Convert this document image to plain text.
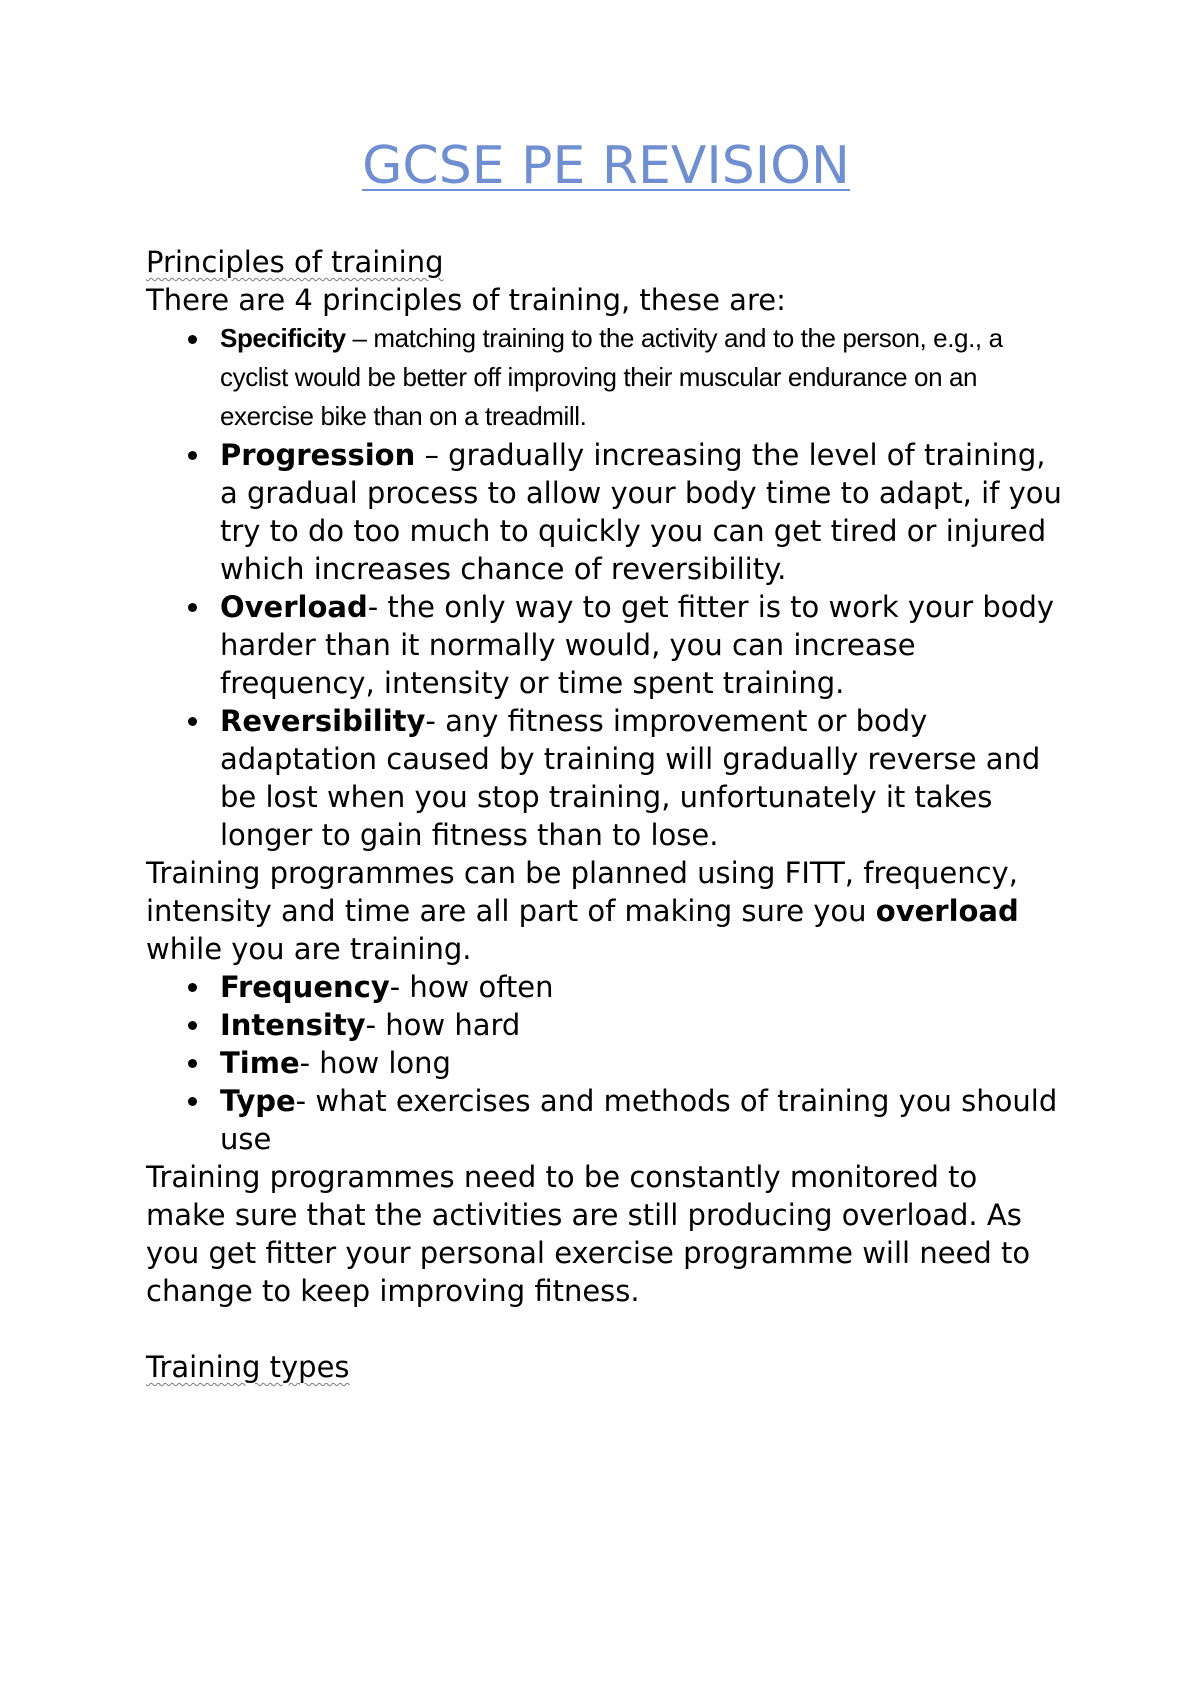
GCSE PE REVISION

Principles of training

There are 4 principles of training, these are:

Specificity – matching training to the activity and to the person, e.g., a cyclist would be better off improving their muscular endurance on an exercise bike than on a treadmill.
Progression – gradually increasing the level of training, a gradual process to allow your body time to adapt, if you try to do too much to quickly you can get tired or injured which increases chance of reversibility.
Overload- the only way to get fitter is to work your body harder than it normally would, you can increase frequency, intensity or time spent training.
Reversibility- any fitness improvement or body adaptation caused by training will gradually reverse and be lost when you stop training, unfortunately it takes longer to gain fitness than to lose.

Training programmes can be planned using FITT, frequency, intensity and time are all part of making sure you overload while you are training.

Frequency- how often
Intensity- how hard
Time- how long
Type- what exercises and methods of training you should use

Training programmes need to be constantly monitored to make sure that the activities are still producing overload. As you get fitter your personal exercise programme will need to change to keep improving fitness.

Training types
